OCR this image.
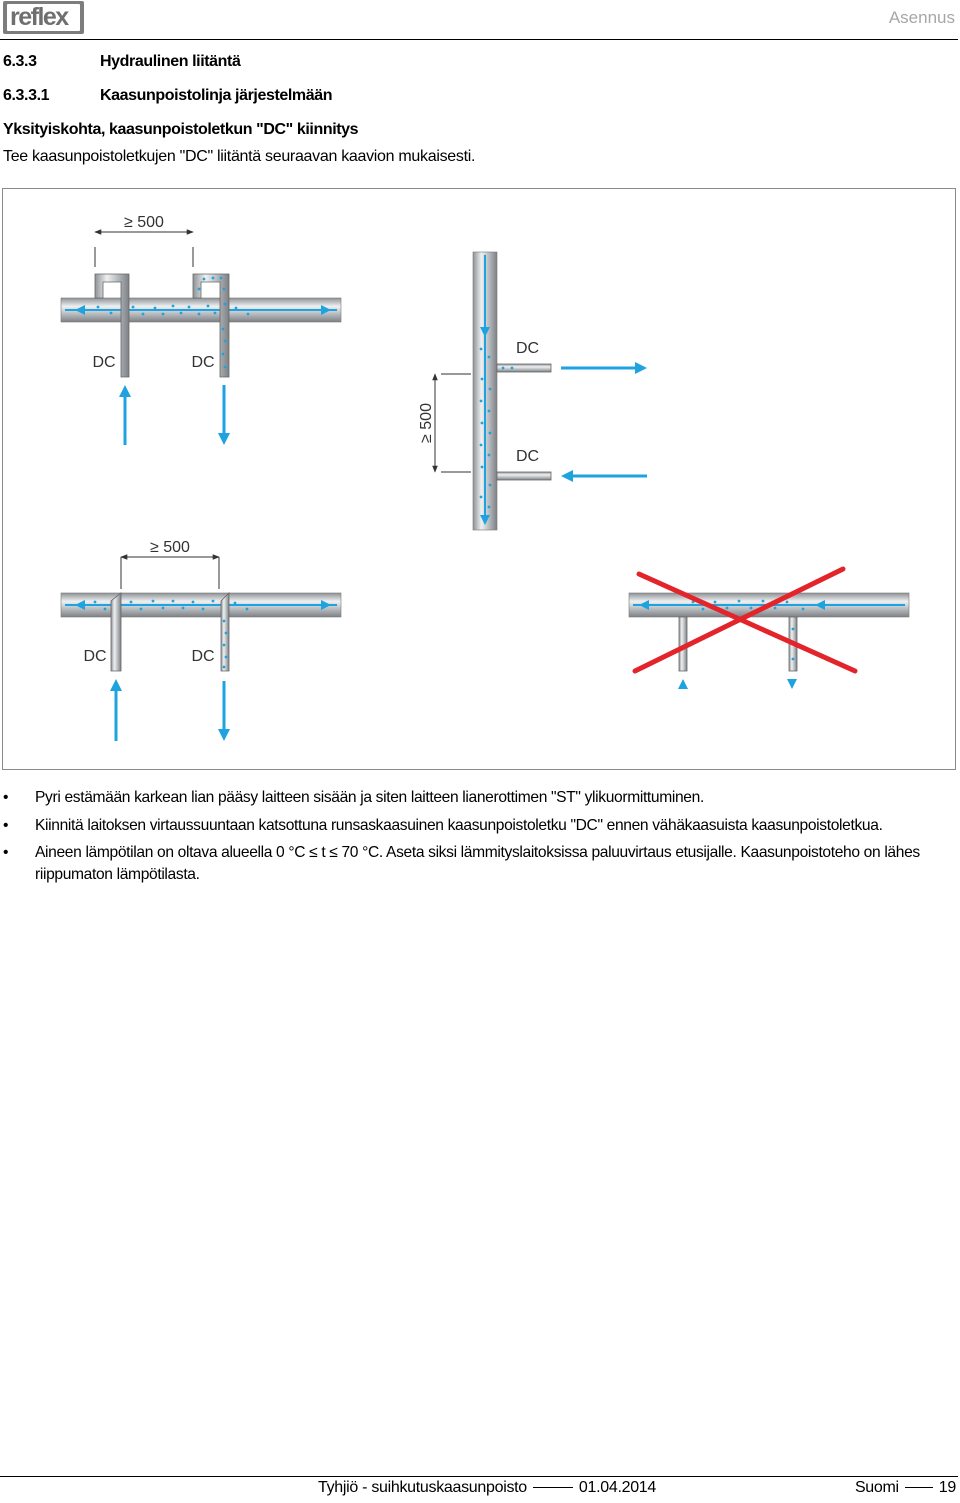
reflex	Asennus
6.3.3	Hydraulinen liitäntä
6.3.3.1	Kaasunpoistolinja järjestelmään
Yksityiskohta, kaasunpoistoletkun "DC" kiinnitys
Tee kaasunpoistoletkujen "DC" liitäntä seuraavan kaavion mukaisesti.
≥ 500
DC	DC
DC
DC
≥ 500
≥ 500
DC	DC
• Pyri estämään karkean lian pääsy laitteen sisään ja siten laitteen lianerottimen "ST" ylikuormittuminen.
• Kiinnitä laitoksen virtaussuuntaan katsottuna runsaskaasuinen kaasunpoistoletku "DC" ennen vähäkaasuista kaasunpoistoletkua.
• Aineen lämpötilan on oltava alueella 0 °C ≤ t ≤ 70 °C. Aseta siksi lämmityslaitoksissa paluuvirtaus etusijalle. Kaasunpoistoteho on lähes riippumaton lämpötilasta.
Tyhjiö - suihkutuskaasunpoisto	01.04.2014	Suomi	19
